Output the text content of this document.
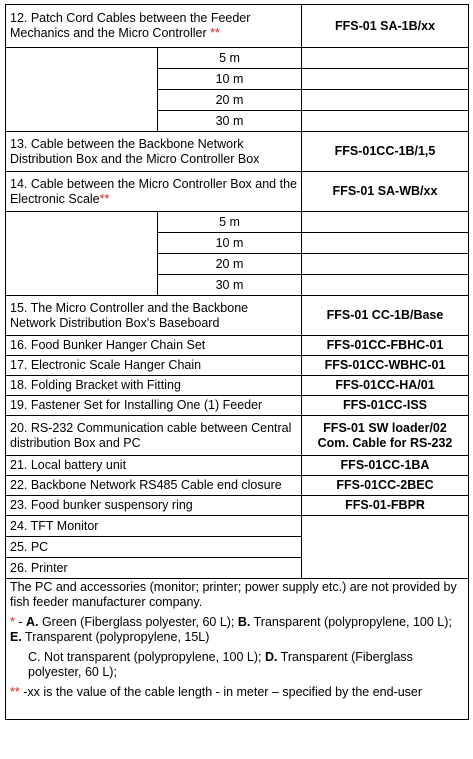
12. Patch Cord Cables between the Feeder Mechanics and the Micro Controller **		FFS-01 SA-1B/xx
	5 m	
	10 m	
	20 m	
	30 m	
13. Cable between the Backbone Network Distribution Box and the Micro Controller Box		FFS-01CC-1B/1,5
14. Cable between the Micro Controller Box and the Electronic Scale**		FFS-01 SA-WB/xx
	5 m	
	10 m	
	20 m	
	30 m	
15. The Micro Controller and the Backbone Network Distribution Box's Baseboard		FFS-01 CC-1B/Base
16. Food Bunker Hanger Chain Set		FFS-01CC-FBHC-01
17. Electronic Scale Hanger Chain		FFS-01CC-WBHC-01
18. Folding Bracket with Fitting		FFS-01CC-HA/01
19. Fastener Set for Installing One (1) Feeder		FFS-01CC-ISS
20. RS-232 Communication cable between Central distribution Box and PC		FFS-01 SW loader/02 Com. Cable for RS-232
21. Local battery unit		FFS-01CC-1BA
22. Backbone Network RS485 Cable end closure		FFS-01CC-2BEC
23. Food bunker suspensory ring		FFS-01-FBPR
24. TFT Monitor		
25. PC		
26. Printer		

The PC and accessories (monitor; printer; power supply etc.) are not provided by fish feeder manufacturer company.

* - A. Green (Fiberglass polyester, 60 L); B. Transparent (polypropylene, 100 L); E. Transparent (polypropylene, 15L)

C. Not transparent (polypropylene, 100 L); D. Transparent (Fiberglass polyester, 60 L);

** -xx is the value of the cable length - in meter – specified by the end-user		
